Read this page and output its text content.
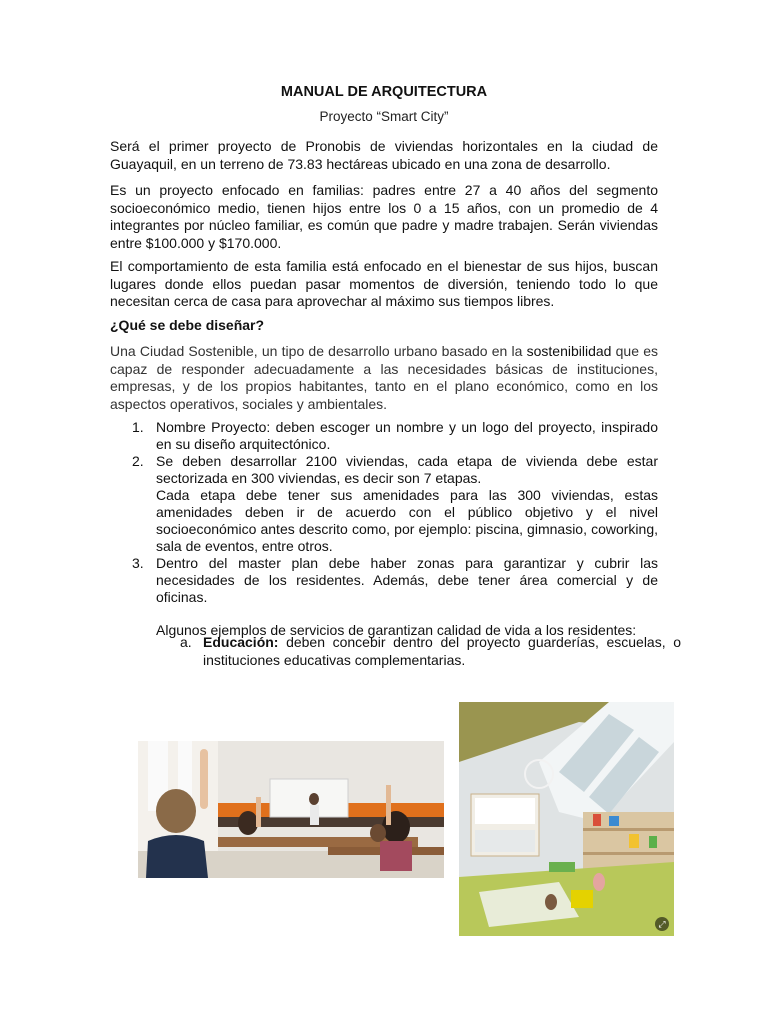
MANUAL DE ARQUITECTURA
Proyecto “Smart City”
Será el primer proyecto de Pronobis de viviendas horizontales en la ciudad de Guayaquil, en un terreno de 73.83 hectáreas ubicado en una zona de desarrollo.
Es un proyecto enfocado en familias: padres entre 27 a 40 años del segmento socioeconómico medio, tienen hijos entre los 0 a 15 años, con un promedio de 4 integrantes por núcleo familiar, es común que padre y madre trabajen. Serán viviendas entre $100.000 y $170.000.
El comportamiento de esta familia está enfocado en el bienestar de sus hijos, buscan lugares donde ellos puedan pasar momentos de diversión, teniendo todo lo que necesitan cerca de casa para aprovechar al máximo sus tiempos libres.
¿Qué se debe diseñar?
Una Ciudad Sostenible, un tipo de desarrollo urbano basado en la sostenibilidad que es capaz de responder adecuadamente a las necesidades básicas de instituciones, empresas, y de los propios habitantes, tanto en el plano económico, como en los aspectos operativos, sociales y ambientales.
1. Nombre Proyecto: deben escoger un nombre y un logo del proyecto, inspirado en su diseño arquitectónico.
2. Se deben desarrollar 2100 viviendas, cada etapa de vivienda debe estar sectorizada en 300 viviendas, es decir son 7 etapas.
Cada etapa debe tener sus amenidades para las 300 viviendas, estas amenidades deben ir de acuerdo con el público objetivo y el nivel socioeconómico antes descrito como, por ejemplo: piscina, gimnasio, coworking, sala de eventos, entre otros.
3. Dentro del master plan debe haber zonas para garantizar y cubrir las necesidades de los residentes. Además, debe tener área comercial y de oficinas.
Algunos ejemplos de servicios de garantizan calidad de vida a los residentes:
a. Educación: deben concebir dentro del proyecto guarderías, escuelas, o instituciones educativas complementarias.
⤢
